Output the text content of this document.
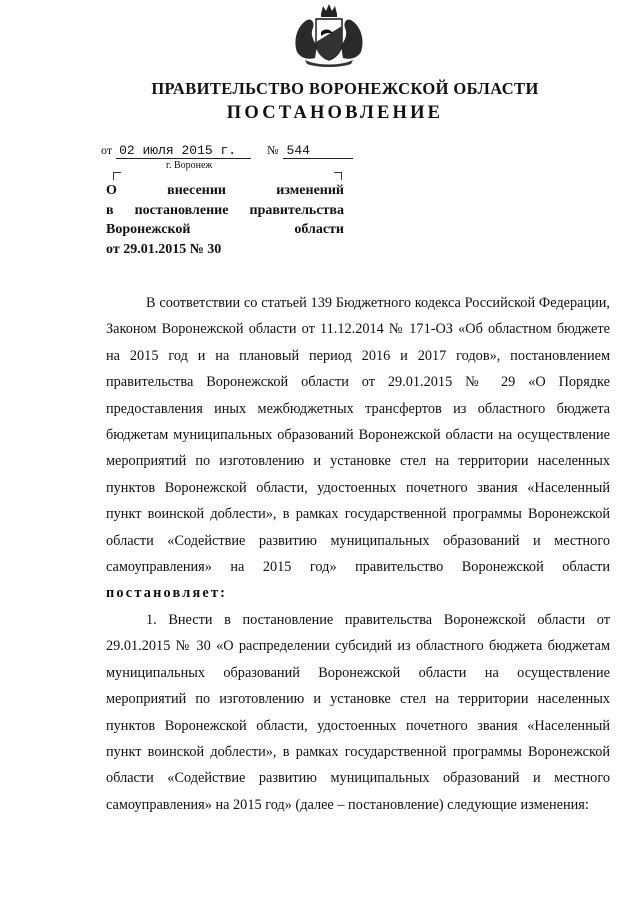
ПРАВИТЕЛЬСТВО ВОРОНЕЖСКОЙ ОБЛАСТИ
ПОСТАНОВЛЕНИЕ
от 02 июля 2015 г.	№ 544
г. Воронеж
О внесении изменений
в постановление правительства
Воронежской области
от 29.01.2015 № 30

В соответствии со статьей 139 Бюджетного кодекса Российской Федерации, Законом Воронежской области от 11.12.2014 № 171-ОЗ «Об областном бюджете на 2015 год и на плановый период 2016 и 2017 годов», постановлением правительства Воронежской области от 29.01.2015 № 29 «О Порядке предоставления иных межбюджетных трансфертов из областного бюджета бюджетам муниципальных образований Воронежской области на осуществление мероприятий по изготовлению и установке стел на территории населенных пунктов Воронежской области, удостоенных почетного звания «Населенный пункт воинской доблести», в рамках государственной программы Воронежской области «Содействие развитию муниципальных образований и местного самоуправления» на 2015 год» правительство Воронежской области постановляет:

1. Внести в постановление правительства Воронежской области от 29.01.2015 № 30 «О распределении субсидий из областного бюджета бюджетам муниципальных образований Воронежской области на осуществление мероприятий по изготовлению и установке стел на территории населенных пунктов Воронежской области, удостоенных почетного звания «Населенный пункт воинской доблести», в рамках государственной программы Воронежской области «Содействие развитию муниципальных образований и местного самоуправления» на 2015 год» (далее – постановление) следующие изменения:
